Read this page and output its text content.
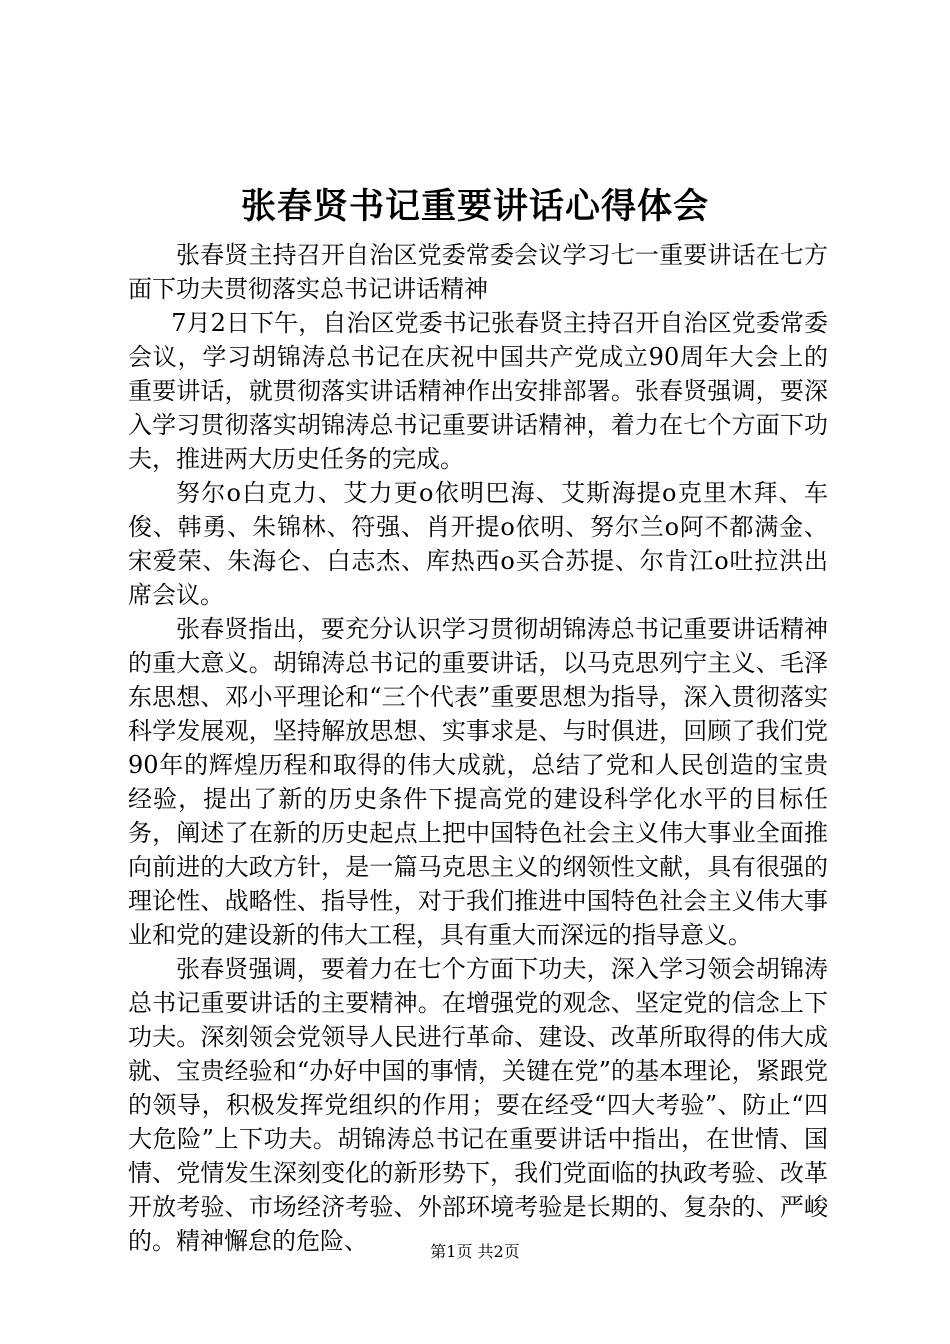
张春贤书记重要讲话心得体会

张春贤主持召开自治区党委常委会议学习七一重要讲话在七方面下功夫贯彻落实总书记讲话精神

7月2日下午，自治区党委书记张春贤主持召开自治区党委常委会议，学习胡锦涛总书记在庆祝中国共产党成立90周年大会上的重要讲话，就贯彻落实讲话精神作出安排部署。张春贤强调，要深入学习贯彻落实胡锦涛总书记重要讲话精神，着力在七个方面下功夫，推进两大历史任务的完成。

努尔ο白克力、艾力更ο依明巴海、艾斯海提ο克里木拜、车俊、韩勇、朱锦林、符强、肖开提ο依明、努尔兰ο阿不都满金、宋爱荣、朱海仑、白志杰、库热西ο买合苏提、尔肯江ο吐拉洪出席会议。

张春贤指出，要充分认识学习贯彻胡锦涛总书记重要讲话精神的重大意义。胡锦涛总书记的重要讲话，以马克思列宁主义、毛泽东思想、邓小平理论和“三个代表”重要思想为指导，深入贯彻落实科学发展观，坚持解放思想、实事求是、与时俱进，回顾了我们党90年的辉煌历程和取得的伟大成就，总结了党和人民创造的宝贵经验，提出了新的历史条件下提高党的建设科学化水平的目标任务，阐述了在新的历史起点上把中国特色社会主义伟大事业全面推向前进的大政方针，是一篇马克思主义的纲领性文献，具有很强的理论性、战略性、指导性，对于我们推进中国特色社会主义伟大事业和党的建设新的伟大工程，具有重大而深远的指导意义。

张春贤强调，要着力在七个方面下功夫，深入学习领会胡锦涛总书记重要讲话的主要精神。在增强党的观念、坚定党的信念上下功夫。深刻领会党领导人民进行革命、建设、改革所取得的伟大成就、宝贵经验和“办好中国的事情，关键在党”的基本理论，紧跟党的领导，积极发挥党组织的作用；要在经受“四大考验”、防止“四大危险”上下功夫。胡锦涛总书记在重要讲话中指出，在世情、国情、党情发生深刻变化的新形势下，我们党面临的执政考验、改革开放考验、市场经济考验、外部环境考验是长期的、复杂的、严峻的。精神懈怠的危险、	第1页 共2页
